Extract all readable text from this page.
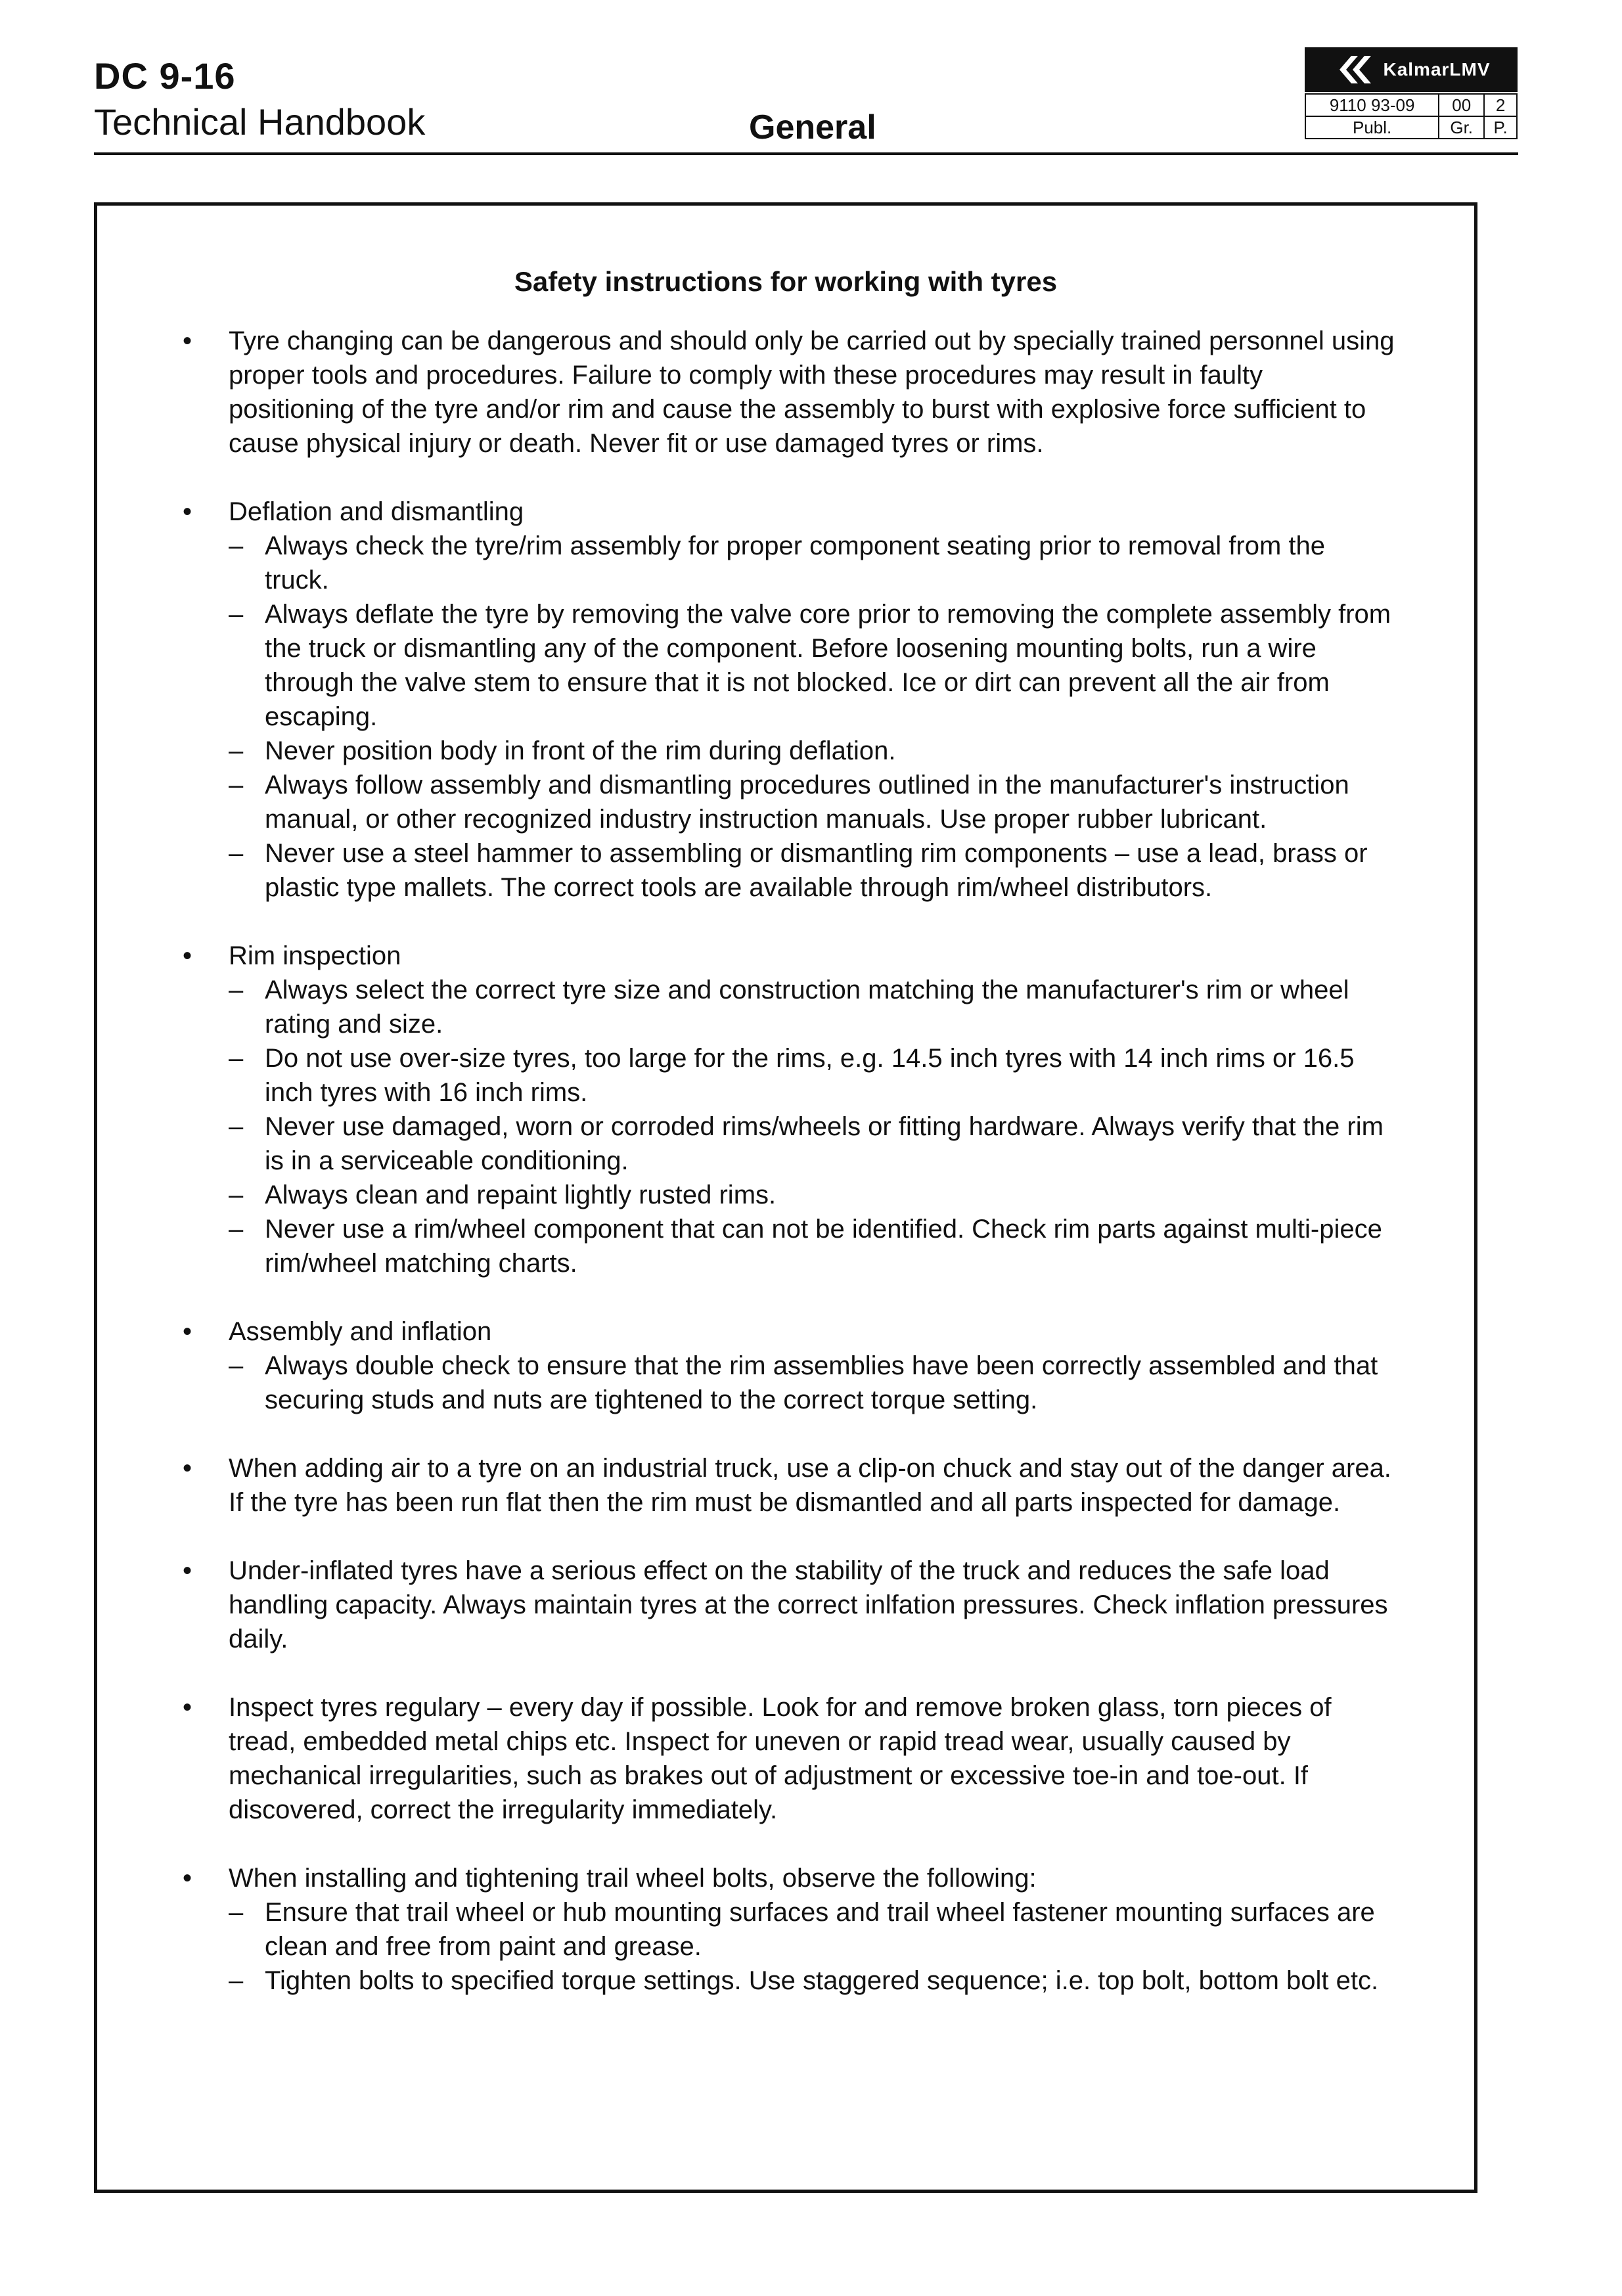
DC 9-16
Technical Handbook	General
KalmarLMV
9110 93-09	00	2
Publ.	Gr.	P.
Safety instructions for working with tyres
• Tyre changing can be dangerous and should only be carried out by specially trained personnel using proper tools and procedures. Failure to comply with these procedures may result in faulty positioning of the tyre and/or rim and cause the assembly to burst with explosive force sufficient to cause physical injury or death. Never fit or use damaged tyres or rims.
• Deflation and dismantling
– Always check the tyre/rim assembly for proper component seating prior to removal from the truck.
– Always deflate the tyre by removing the valve core prior to removing the complete assembly from the truck or dismantling any of the component. Before loosening mounting bolts, run a wire through the valve stem to ensure that it is not blocked. Ice or dirt can prevent all the air from escaping.
– Never position body in front of the rim during deflation.
– Always follow assembly and dismantling procedures outlined in the manufacturer's instruction manual, or other recognized industry instruction manuals. Use proper rubber lubricant.
– Never use a steel hammer to assembling or dismantling rim components – use a lead, brass or plastic type mallets. The correct tools are available through rim/wheel distributors.
• Rim inspection
– Always select the correct tyre size and construction matching the manufacturer's rim or wheel rating and size.
– Do not use over-size tyres, too large for the rims, e.g. 14.5 inch tyres with 14 inch rims or 16.5 inch tyres with 16 inch rims.
– Never use damaged, worn or corroded rims/wheels or fitting hardware. Always verify that the rim is in a serviceable conditioning.
– Always clean and repaint lightly rusted rims.
– Never use a rim/wheel component that can not be identified. Check rim parts against multi-piece rim/wheel matching charts.
• Assembly and inflation
– Always double check to ensure that the rim assemblies have been correctly assembled and that securing studs and nuts are tightened to the correct torque setting.
• When adding air to a tyre on an industrial truck, use a clip-on chuck and stay out of the danger area. If the tyre has been run flat then the rim must be dismantled and all parts inspected for damage.
• Under-inflated tyres have a serious effect on the stability of the truck and reduces the safe load handling capacity. Always maintain tyres at the correct inlfation pressures. Check inflation pressures daily.
• Inspect tyres regulary – every day if possible. Look for and remove broken glass, torn pieces of tread, embedded metal chips etc. Inspect for uneven or rapid tread wear, usually caused by mechanical irregularities, such as brakes out of adjustment or excessive toe-in and toe-out. If discovered, correct the irregularity immediately.
• When installing and tightening trail wheel bolts, observe the following:
– Ensure that trail wheel or hub mounting surfaces and trail wheel fastener mounting surfaces are clean and free from paint and grease.
– Tighten bolts to specified torque settings. Use staggered sequence; i.e. top bolt, bottom bolt etc.
